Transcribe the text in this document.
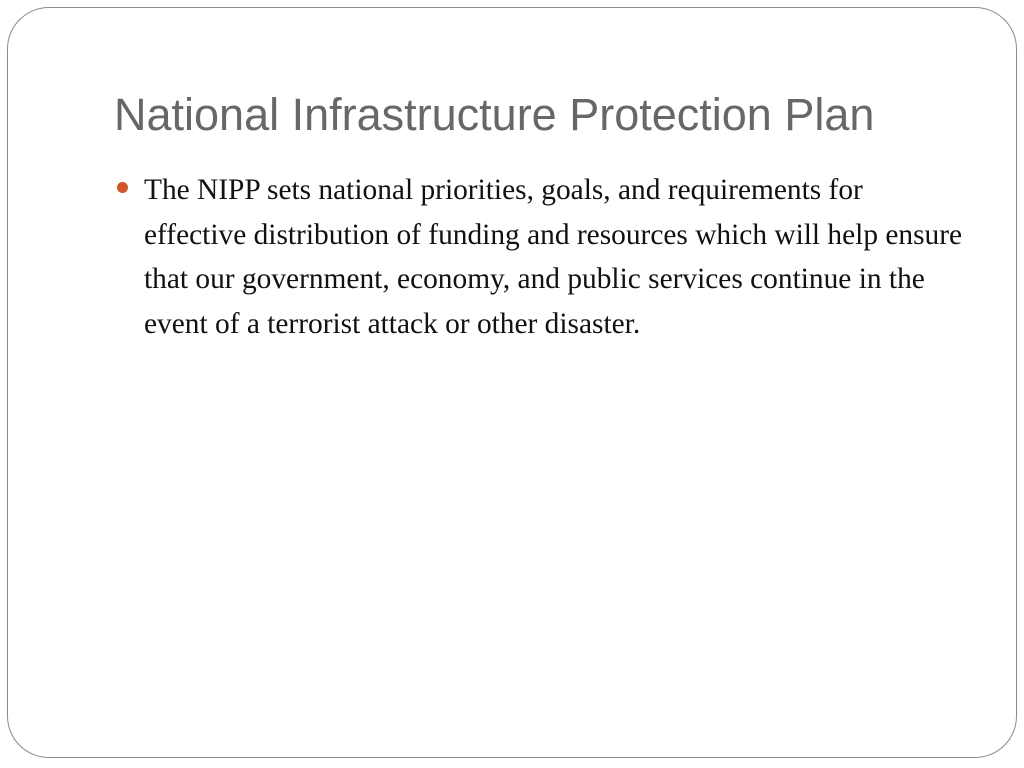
National Infrastructure Protection Plan
The NIPP sets national priorities, goals, and requirements for effective distribution of funding and resources which will help ensure that our government, economy, and public services continue in the event of a terrorist attack or other disaster.
